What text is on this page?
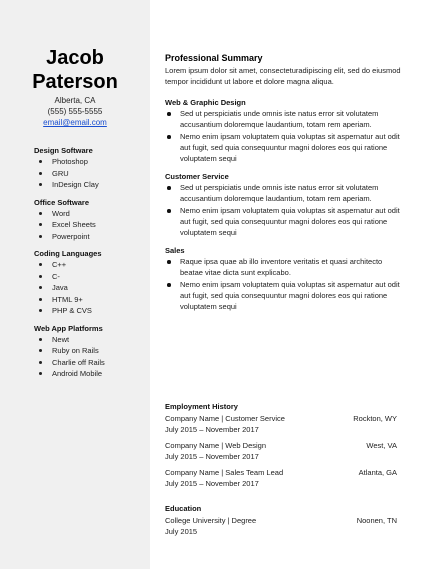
Jacob
Paterson
Alberta, CA
(555) 555-5555
email@email.com
Design Software
Photoshop
GRU
InDesign Clay
Office Software
Word
Excel Sheets
Powerpoint
Coding Languages
C++
C-
Java
HTML 9+
PHP & CVS
Web App Platforms
Newt
Ruby on Rails
Charlie off Rails
Android Mobile
Professional Summary
Lorem ipsum dolor sit amet, consecteturadipiscing elit, sed do eiusmod tempor incididunt ut labore et dolore magna aliqua.
Web & Graphic Design
Sed ut perspiciatis unde omnis iste natus error sit volutatem accusantium doloremque laudantium, totam rem aperiam.
Nemo enim ipsam voluptatem quia voluptas sit aspernatur aut odit aut fugit, sed quia consequuntur magni dolores eos qui ratione voluptatem sequi
Customer Service
Sed ut perspiciatis unde omnis iste natus error sit volutatem accusantium doloremque laudantium, totam rem aperiam.
Nemo enim ipsam voluptatem quia voluptas sit aspernatur aut odit aut fugit, sed quia consequuntur magni dolores eos qui ratione voluptatem sequi
Sales
Raque ipsa quae ab illo inventore veritatis et quasi architecto beatae vitae dicta sunt explicabo.
Nemo enim ipsam voluptatem quia voluptas sit aspernatur aut odit aut fugit, sed quia consequuntur magni dolores eos qui ratione voluptatem sequi
Employment History
Company Name | Customer Service	Rockton, WY
July 2015 – November 2017
Company Name | Web Design	West, VA
July 2015 – November 2017
Company Name | Sales Team Lead	Atlanta, GA
July 2015 – November 2017
Education
College University | Degree	Noonen, TN
July 2015
